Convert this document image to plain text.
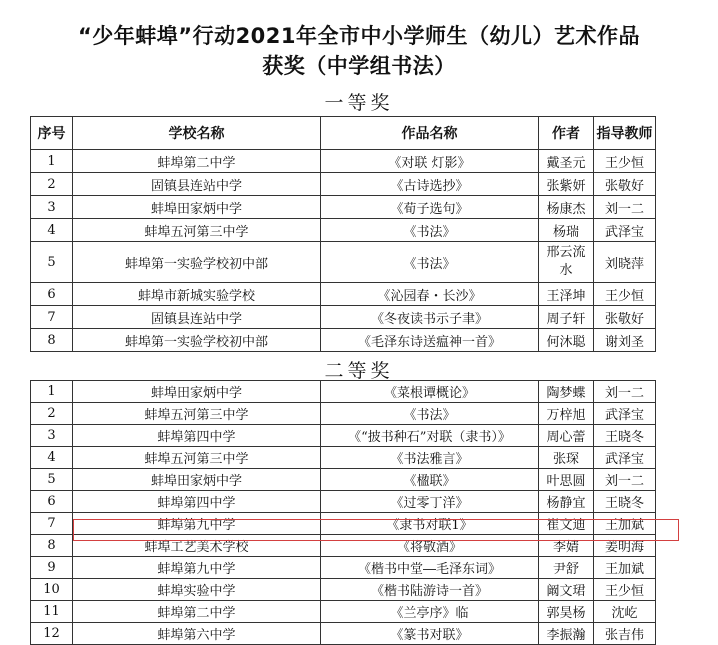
“少年蚌埠”行动2021年全市中小学师生（幼儿）艺术作品
获奖（中学组书法）
一等奖
序号	学校名称	作品名称	作者	指导教师
1	蚌埠第二中学	《对联 灯影》	戴圣元	王少恒
2	固镇县连站中学	《古诗选抄》	张紫妍	张敬好
3	蚌埠田家炳中学	《荀子选句》	杨康杰	刘一二
4	蚌埠五河第三中学	《书法》	杨瑞	武泽宝
5	蚌埠第一实验学校初中部	《书法》	邢云流水	刘晓萍
6	蚌埠市新城实验学校	《沁园春・长沙》	王泽坤	王少恒
7	固镇县连站中学	《冬夜读书示子聿》	周子轩	张敬好
8	蚌埠第一实验学校初中部	《毛泽东诗送瘟神一首》	何沐聪	谢刘圣
二等奖
1	蚌埠田家炳中学	《菜根谭概论》	陶梦蝶	刘一二
2	蚌埠五河第三中学	《书法》	万梓旭	武泽宝
3	蚌埠第四中学	《“披书种石”对联（隶书）》	周心蕾	王晓冬
4	蚌埠五河第三中学	《书法雅言》	张琛	武泽宝
5	蚌埠田家炳中学	《楹联》	叶思圆	刘一二
6	蚌埠第四中学	《过零丁洋》	杨静宜	王晓冬
7	蚌埠第九中学	《隶书对联1》	崔文迪	王加斌
8	蚌埠工艺美术学校	《将敬酒》	李婧	姜明海
9	蚌埠第九中学	《楷书中堂―毛泽东词》	尹舒	王加斌
10	蚌埠实验中学	《楷书陆游诗一首》	阚文珺	王少恒
11	蚌埠第二中学	《兰亭序》临	郭昊杨	沈屹
12	蚌埠第六中学	《篆书对联》	李振瀚	张吉伟
